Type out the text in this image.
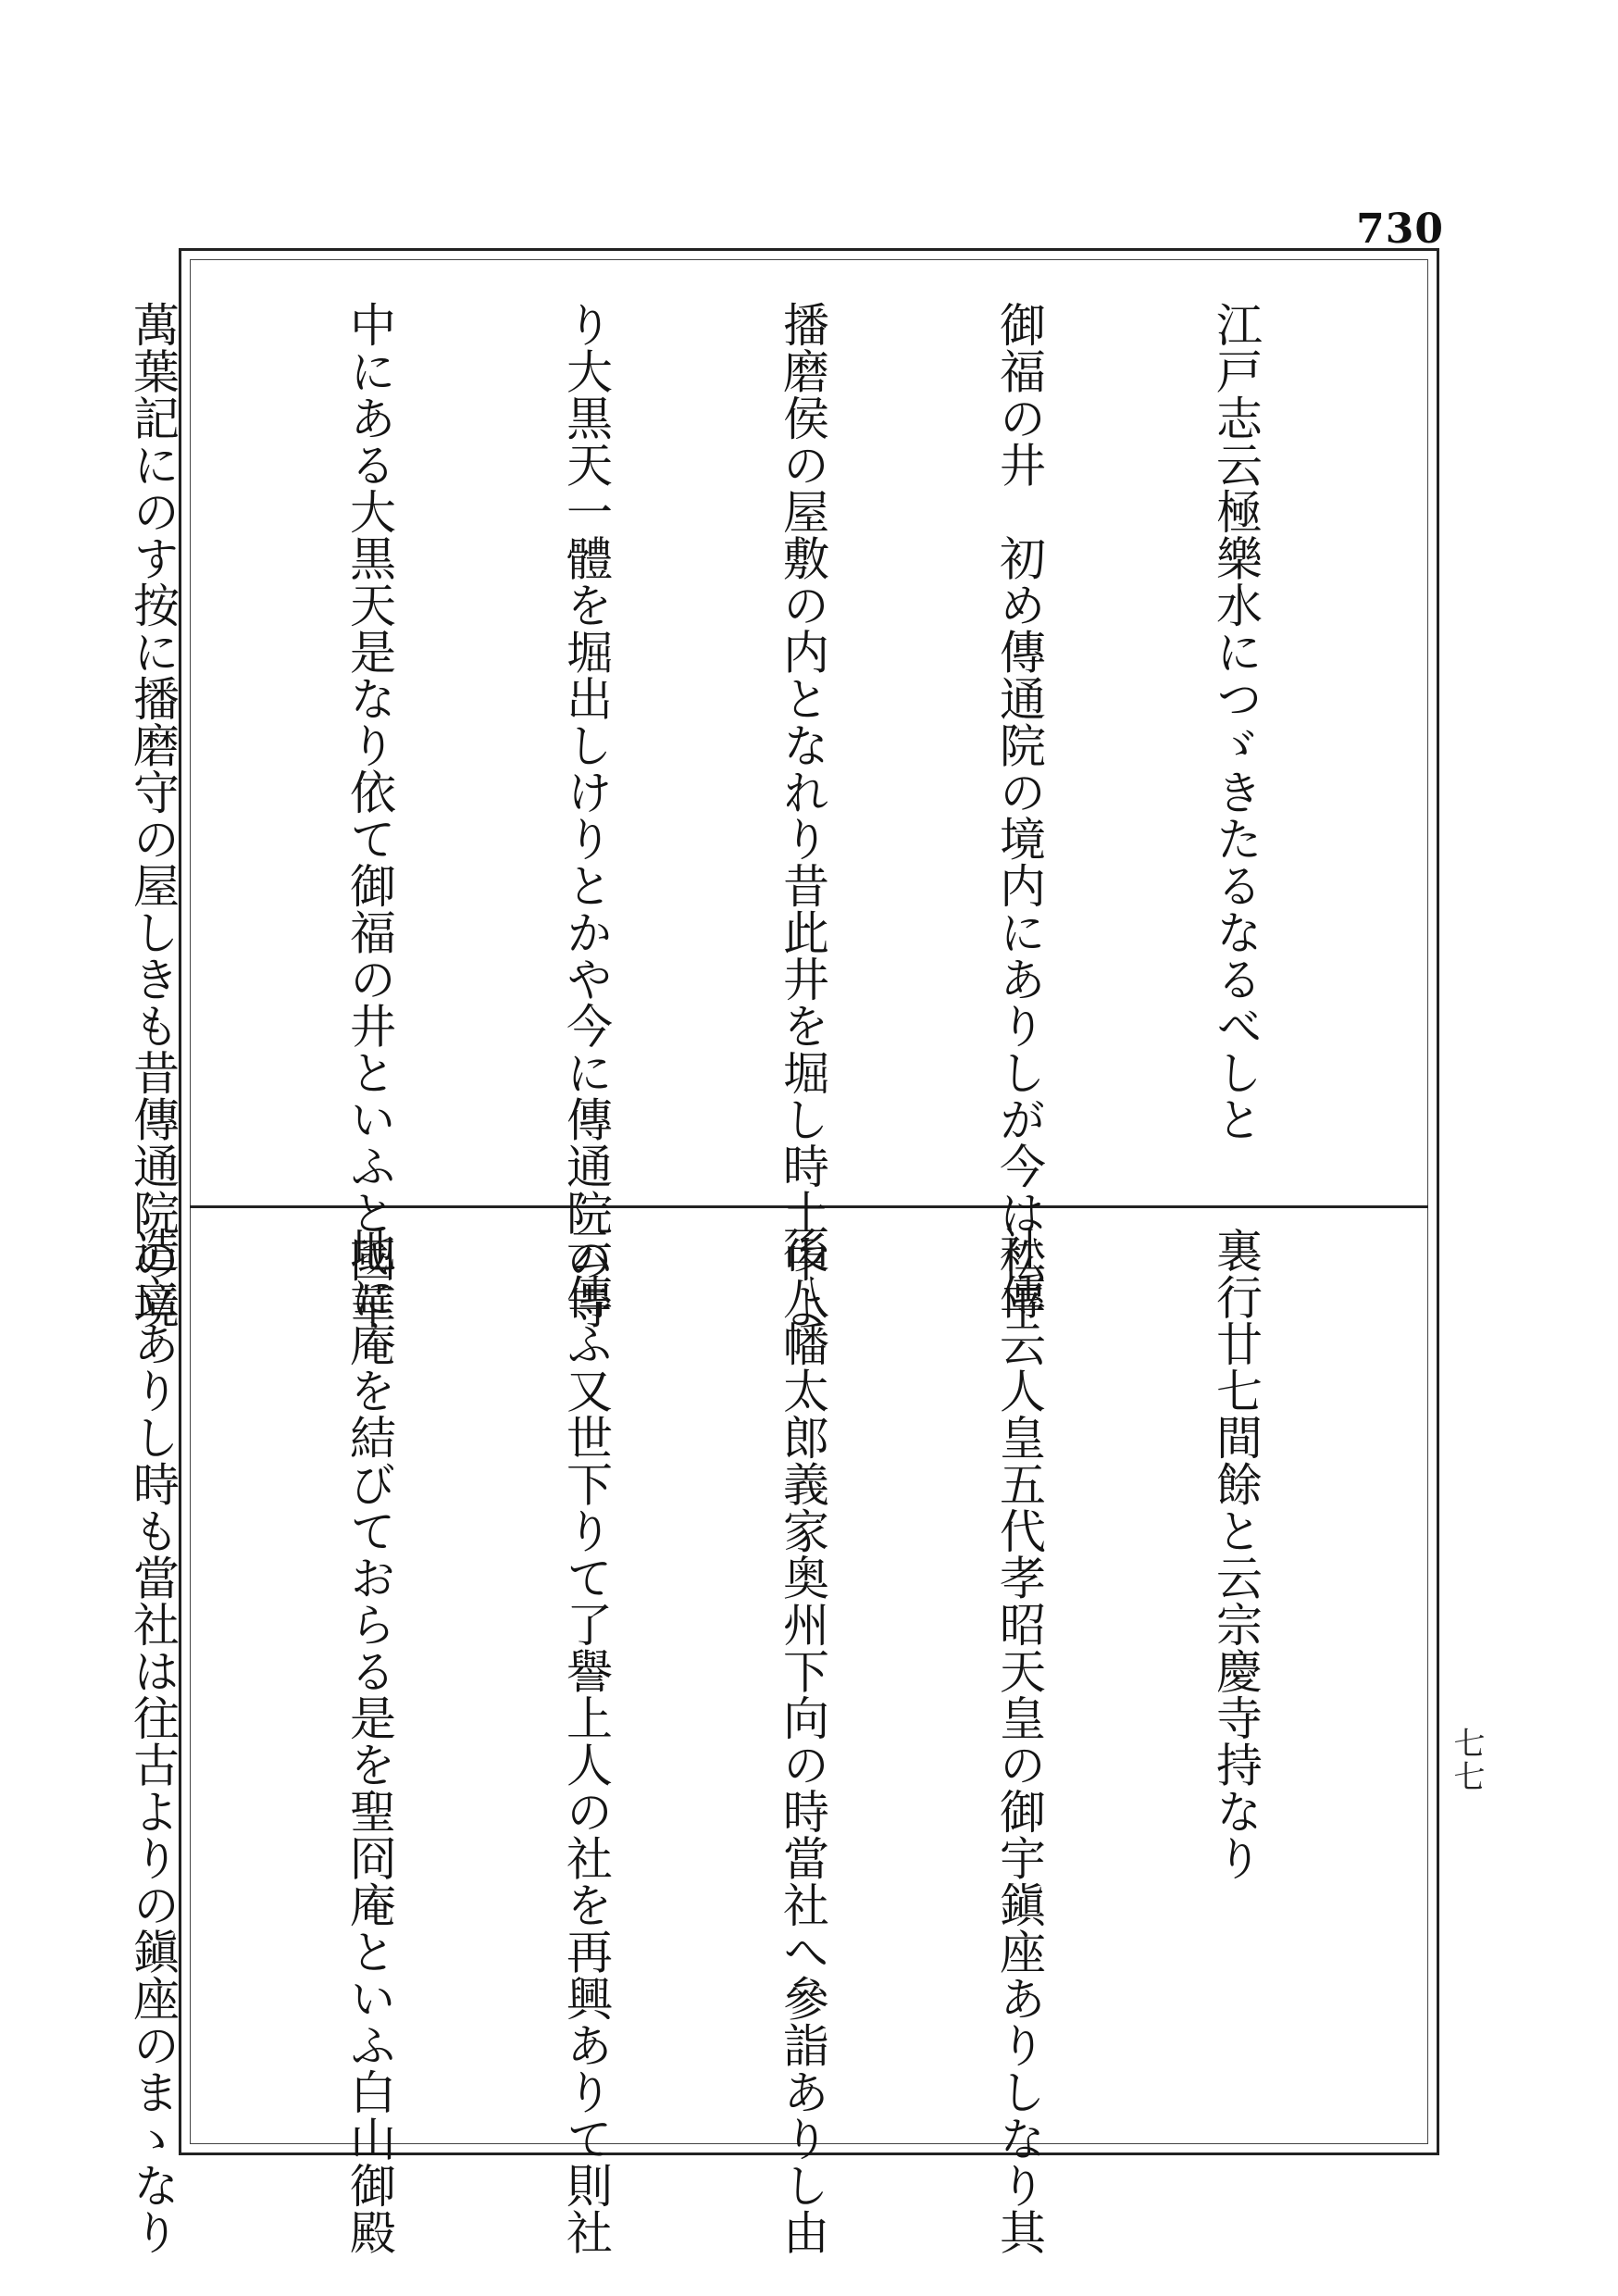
730

江戸志云極樂水につゞきたるなるべしと

御福の井　初め傳通院の境内にありしが今は松平

播磨侯の屋敷の内となれり昔此井を堀し時土中よ

り大黒天一體を堀出しけりとかや今に傳通院の寺

中にある大黒天是なり依て御福の井といふと國華

萬葉記にのす按に播磨守の屋しきも昔傳通院の境

裏行廿七間餘と云宗慶寺持なり

社傳云人皇五代孝昭天皇の御宇鎭座ありしなり其

後八幡太郎義家奥州下向の時當社へ參詣ありし由

云傳ふ又世下りて了譽上人の社を再興ありて則社

地に庵を結びておらる是を聖冏庵といふ白山御殿

造立ありし時も當社は往古よりの鎭座のまゝなり

	七七
